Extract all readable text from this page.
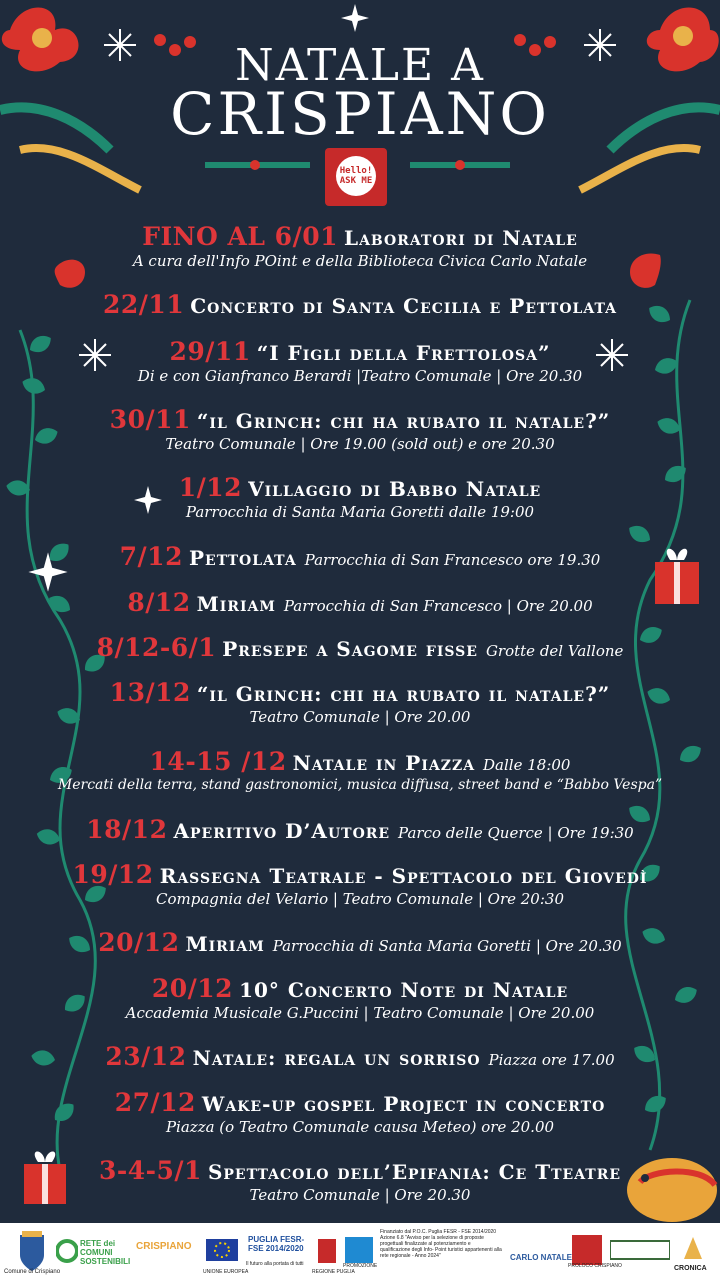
NATALE A
CRISPIANO
Hello! ASK ME
FINO AL 6/01 Laboratori di Natale
A cura dell'Info POint e della Biblioteca Civica Carlo Natale
22/11 Concerto di Santa Cecilia e Pettolata
29/11 “I Figli della Frettolosa”
Di e con Gianfranco Berardi |Teatro Comunale | Ore 20.30
30/11 “il Grinch: chi ha rubato il natale?”
Teatro Comunale | Ore 19.00 (sold out) e ore 20.30
1/12 Villaggio di Babbo Natale
Parrocchia di Santa Maria Goretti dalle 19:00
7/12 Pettolata Parrocchia di San Francesco ore 19.30
8/12 Miriam Parrocchia di San Francesco | Ore 20.00
8/12-6/1 Presepe a Sagome fisse Grotte del Vallone
13/12 “il Grinch: chi ha rubato il natale?”
Teatro Comunale | Ore 20.00
14-15 /12 Natale in Piazza Dalle 18:00
Mercati della terra, stand gastronomici, musica diffusa, street band e “Babbo Vespa”
18/12 Aperitivo D’Autore Parco delle Querce | Ore 19:30
19/12 Rassegna Teatrale - Spettacolo del Giovedì
Compagnia del Velario | Teatro Comunale | Ore 20:30
20/12 Miriam Parrocchia di Santa Maria Goretti | Ore 20.30
20/12 10° Concerto Note di Natale
Accademia Musicale G.Puccini | Teatro Comunale | Ore 20.00
23/12 Natale: regala un sorriso Piazza ore 17.00
27/12 Wake-up gospel Project in concerto
Piazza (o Teatro Comunale causa Meteo) ore 20.00
3-4-5/1 Spettacolo dell’Epifania: Ce Tteatre
Teatro Comunale | Ore 20.30
Comune di Crispiano
RETE dei COMUNI SOSTENIBILI
CRISPIANO
UNIONE EUROPEA
PUGLIA FESR-FSE 2014/2020
Il futuro alla portata di tutti
REGIONE PUGLIA
PROMOZIONE
Finanziato dal P.O.C. Puglia FESR - FSE 2014/2020 Azione 6.8 "Avviso per la selezione di proposte progettuali finalizzate al potenziamento e qualificazione degli Info- Point turistici appartenenti alla rete regionale - Anno 2024"	CARLO NATALE
PROLOCO CRISPIANO	CRONICA
